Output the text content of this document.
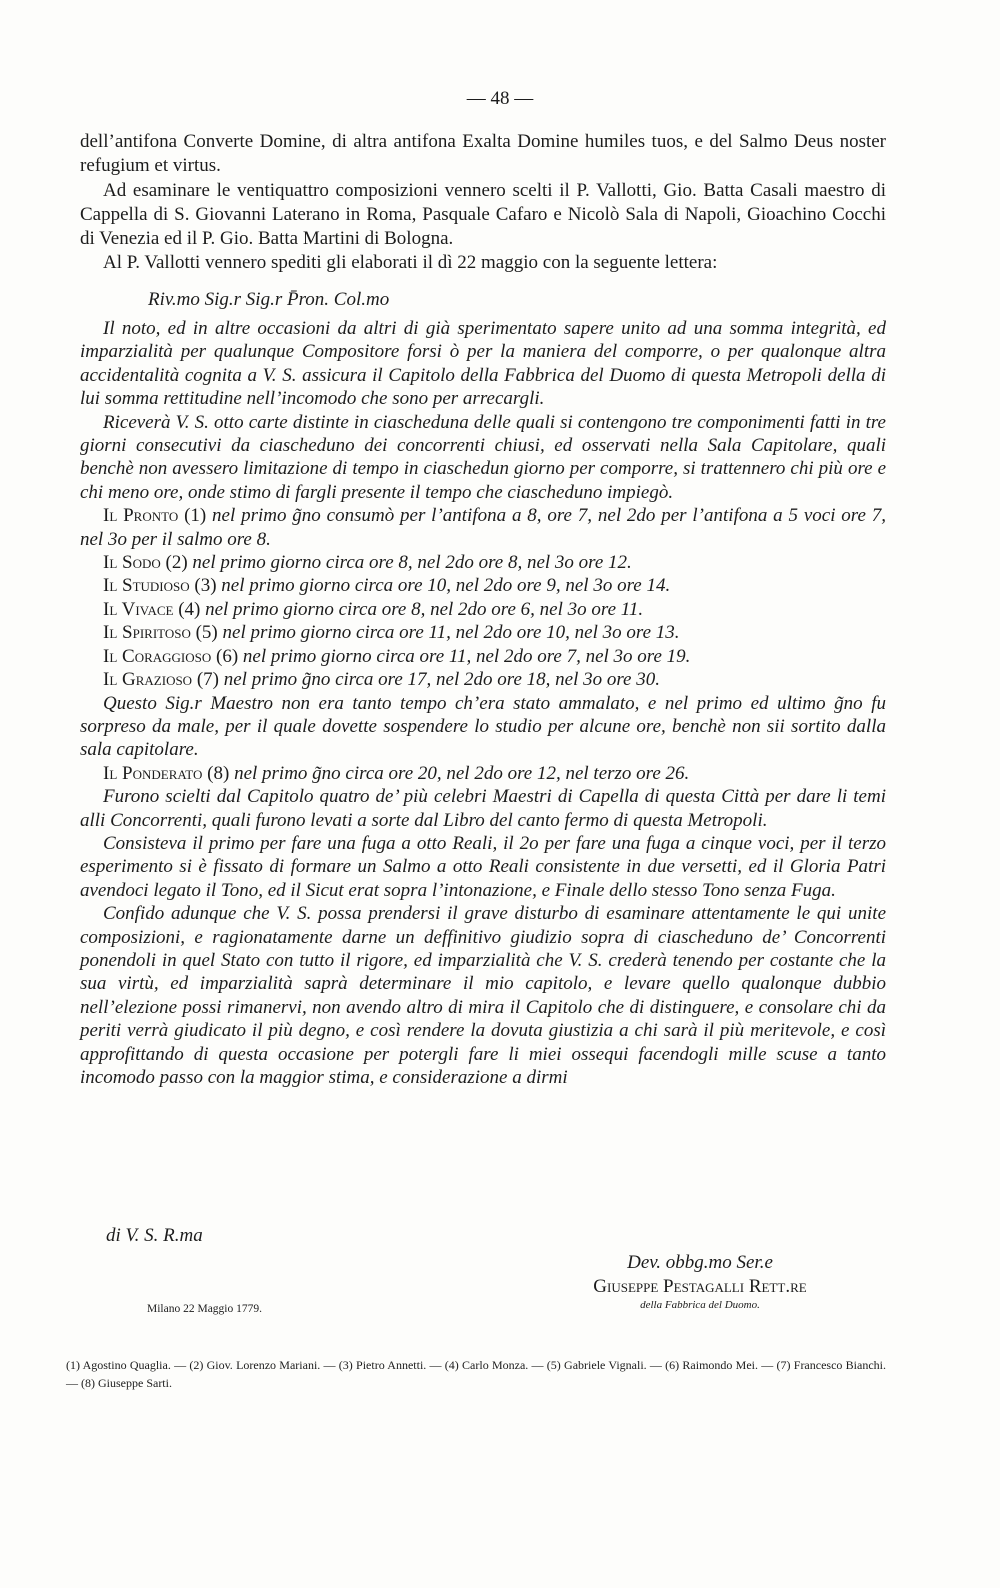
— 48 —

dell’antifona Converte Domine, di altra antifona Exalta Domine humiles tuos, e del Salmo Deus noster refugium et virtus.

Ad esaminare le ventiquattro composizioni vennero scelti il P. Vallotti, Gio. Batta Casali maestro di Cappella di S. Giovanni Laterano in Roma, Pasquale Cafaro e Nicolò Sala di Napoli, Gioachino Cocchi di Venezia ed il P. Gio. Batta Martini di Bologna.

Al P. Vallotti vennero spediti gli elaborati il dì 22 maggio con la seguente lettera:

Riv.mo Sig.r Sig.r P̄ron. Col.mo

Il noto, ed in altre occasioni da altri di già sperimentato sapere unito ad una somma integrità, ed imparzialità per qualunque Compositore forsi ò per la maniera del comporre, o per qualonque altra accidentalità cognita a V. S. assicura il Capitolo della Fabbrica del Duomo di questa Metropoli della di lui somma rettitudine nell’incomodo che sono per arrecargli.

Riceverà V. S. otto carte distinte in ciascheduna delle quali si contengono tre componimenti fatti in tre giorni consecutivi da ciascheduno dei concorrenti chiusi, ed osservati nella Sala Capitolare, quali benchè non avessero limitazione di tempo in ciaschedun giorno per comporre, si trattennero chi più ore e chi meno ore, onde stimo di fargli presente il tempo che ciascheduno impiegò.

Il Pronto (1) nel primo g̃no consumò per l’antifona a 8, ore 7, nel 2do per l’antifona a 5 voci ore 7, nel 3o per il salmo ore 8.

Il Sodo (2) nel primo giorno circa ore 8, nel 2do ore 8, nel 3o ore 12.

Il Studioso (3) nel primo giorno circa ore 10, nel 2do ore 9, nel 3o ore 14.

Il Vivace (4) nel primo giorno circa ore 8, nel 2do ore 6, nel 3o ore 11.

Il Spiritoso (5) nel primo giorno circa ore 11, nel 2do ore 10, nel 3o ore 13.

Il Coraggioso (6) nel primo giorno circa ore 11, nel 2do ore 7, nel 3o ore 19.

Il Grazioso (7) nel primo g̃no circa ore 17, nel 2do ore 18, nel 3o ore 30.

Questo Sig.r Maestro non era tanto tempo ch’era stato ammalato, e nel primo ed ultimo g̃no fu sorpreso da male, per il quale dovette sospendere lo studio per alcune ore, benchè non sii sortito dalla sala capitolare.

Il Ponderato (8) nel primo g̃no circa ore 20, nel 2do ore 12, nel terzo ore 26.

Furono scielti dal Capitolo quatro de’ più celebri Maestri di Capella di questa Città per dare li temi alli Concorrenti, quali furono levati a sorte dal Libro del canto fermo di questa Metropoli.

Consisteva il primo per fare una fuga a otto Reali, il 2o per fare una fuga a cinque voci, per il terzo esperimento si è fissato di formare un Salmo a otto Reali consistente in due versetti, ed il Gloria Patri avendoci legato il Tono, ed il Sicut erat sopra l’intonazione, e Finale dello stesso Tono senza Fuga.

Confido adunque che V. S. possa prendersi il grave disturbo di esaminare attentamente le qui unite composizioni, e ragionatamente darne un deffinitivo giudizio sopra di ciascheduno de’ Concorrenti ponendoli in quel Stato con tutto il rigore, ed imparzialità che V. S. crederà tenendo per costante che la sua virtù, ed imparzialità saprà determinare il mio capitolo, e levare quello qualonque dubbio nell’elezione possi rimanervi, non avendo altro di mira il Capitolo che di distinguere, e consolare chi da periti verrà giudicato il più degno, e così rendere la dovuta giustizia a chi sarà il più meritevole, e così approfittando di questa occasione per potergli fare li miei ossequi facendogli mille scuse a tanto incomodo passo con la maggior stima, e considerazione a dirmi

di V. S. R.ma
Dev. obbg.mo Ser.e
Giuseppe Pestagalli Rett.re
della Fabbrica del Duomo.
Milano 22 Maggio 1779.
(1) Agostino Quaglia. — (2) Giov. Lorenzo Mariani. — (3) Pietro Annetti. — (4) Carlo Monza. — (5) Gabriele Vignali. — (6) Raimondo Mei. — (7) Francesco Bianchi. — (8) Giuseppe Sarti.
